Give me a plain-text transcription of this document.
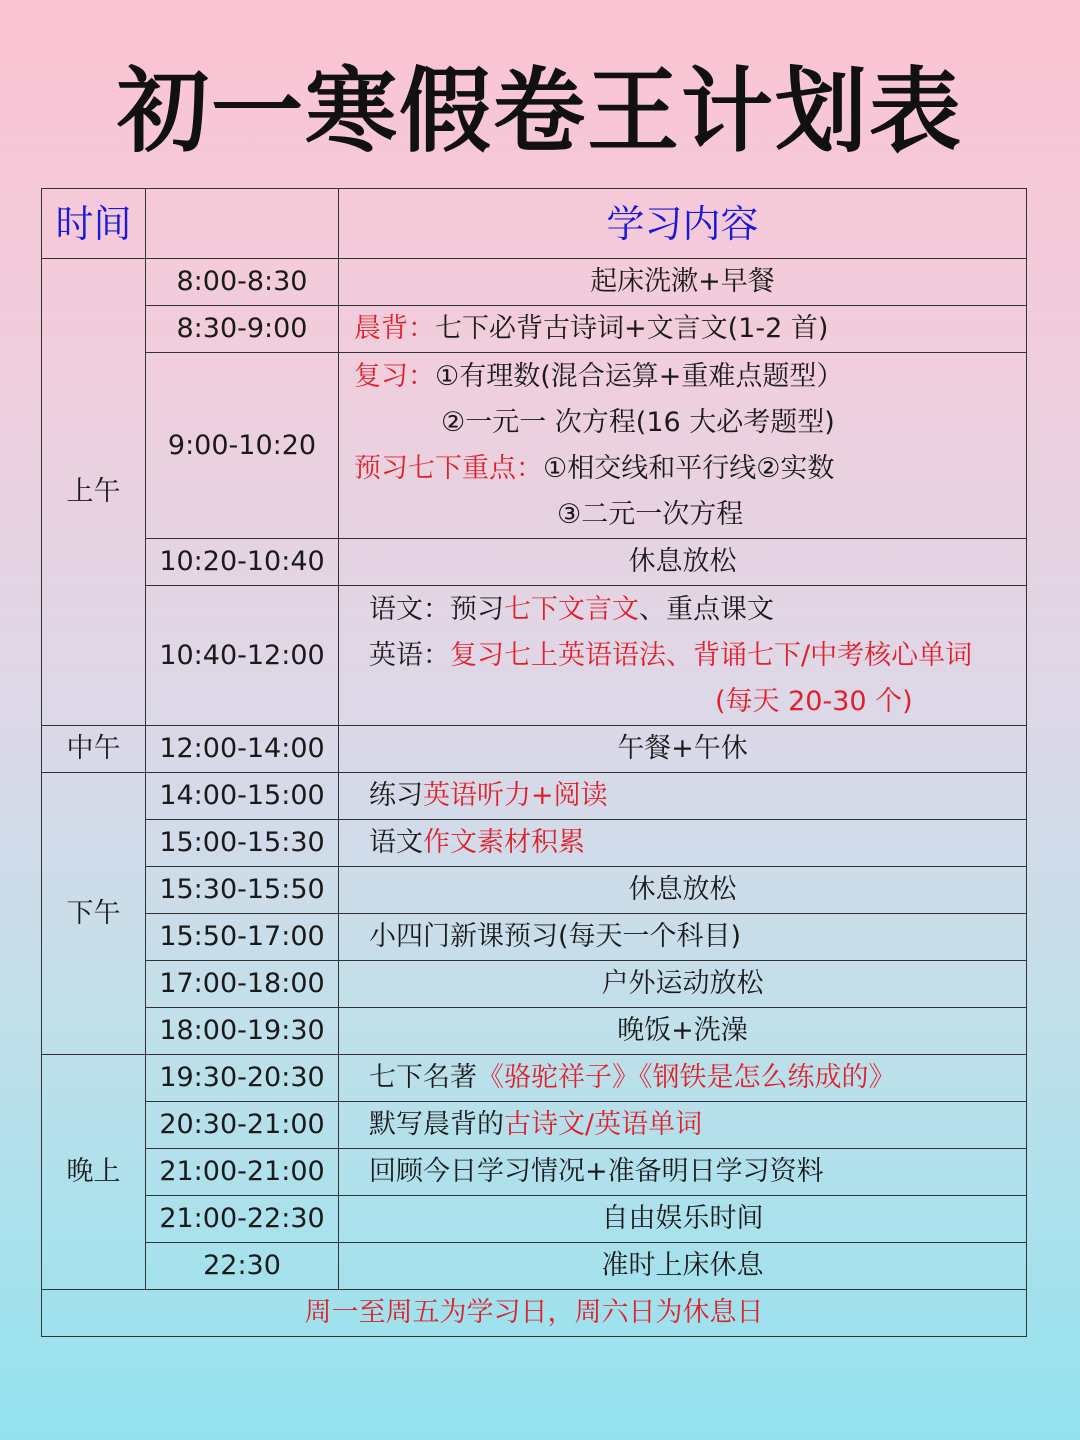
初一寒假卷王计划表
时间		学习内容
上午	8:00-8:30	起床洗漱+早餐
	8:30-9:00	晨背：七下必背古诗词+文言文(1-2 首)
	9:00-10:20	复习：①有理数(混合运算+重难点题型）
②一元一 次方程(16 大必考题型)
预习七下重点：①相交线和平行线②实数
③二元一次方程

	10:20-10:40	休息放松
	10:40-12:00	语文：预习七下文言文、重点课文
英语：复习七上英语语法、背诵七下/中考核心单词
(每天 20-30 个)

中午	12:00-14:00	午餐+午休
下午	14:00-15:00	练习英语听力+阅读
	15:00-15:30	语文作文素材积累
	15:30-15:50	休息放松
	15:50-17:00	小四门新课预习(每天一个科目)
	17:00-18:00	户外运动放松
	18:00-19:30	晚饭+洗澡
晚上	19:30-20:30	七下名著《骆驼祥子》《钢铁是怎么练成的》
	20:30-21:00	默写晨背的古诗文/英语单词
	21:00-21:00	回顾今日学习情况+准备明日学习资料
	21:00-22:30	自由娱乐时间
	22:30	准时上床休息
周一至周五为学习日，周六日为休息日		
